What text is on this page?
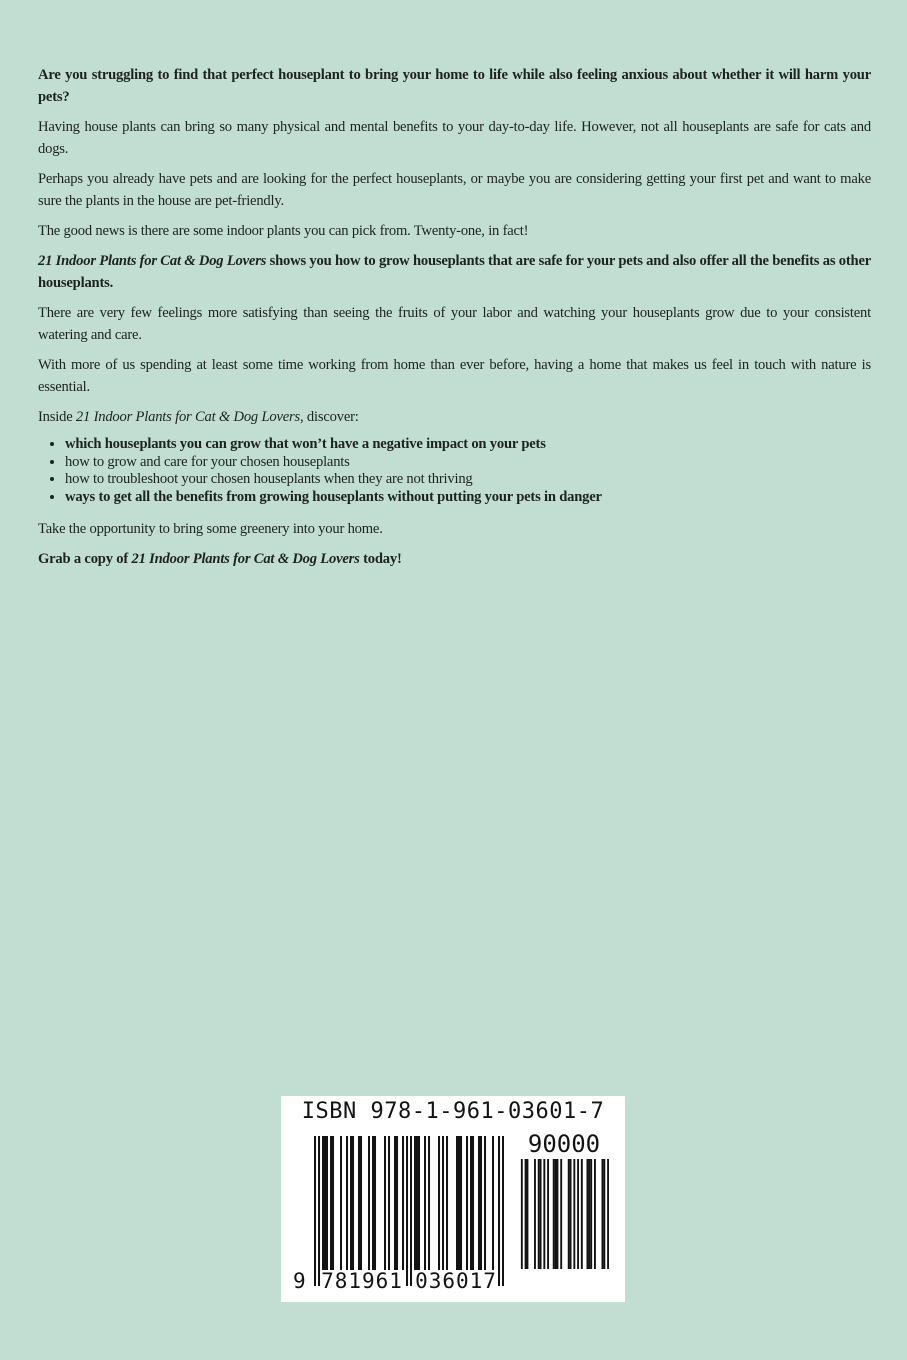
Are you struggling to find that perfect houseplant to bring your home to life while also feeling anxious about whether it will harm your pets?

Having house plants can bring so many physical and mental benefits to your day-to-day life. However, not all houseplants are safe for cats and dogs.

Perhaps you already have pets and are looking for the perfect houseplants, or maybe you are considering getting your first pet and want to make sure the plants in the house are pet-friendly.

The good news is there are some indoor plants you can pick from. Twenty-one, in fact!

21 Indoor Plants for Cat & Dog Lovers shows you how to grow houseplants that are safe for your pets and also offer all the benefits as other houseplants.

There are very few feelings more satisfying than seeing the fruits of your labor and watching your houseplants grow due to your consistent watering and care.

With more of us spending at least some time working from home than ever before, having a home that makes us feel in touch with nature is essential.

Inside 21 Indoor Plants for Cat & Dog Lovers, discover:

• which houseplants you can grow that won’t have a negative impact on your pets
• how to grow and care for your chosen houseplants
• how to troubleshoot your chosen houseplants when they are not thriving
• ways to get all the benefits from growing houseplants without putting your pets in danger

Take the opportunity to bring some greenery into your home.

Grab a copy of 21 Indoor Plants for Cat & Dog Lovers today!

ISBN 978-1-961-03601-7
9 781961 036017
90000
